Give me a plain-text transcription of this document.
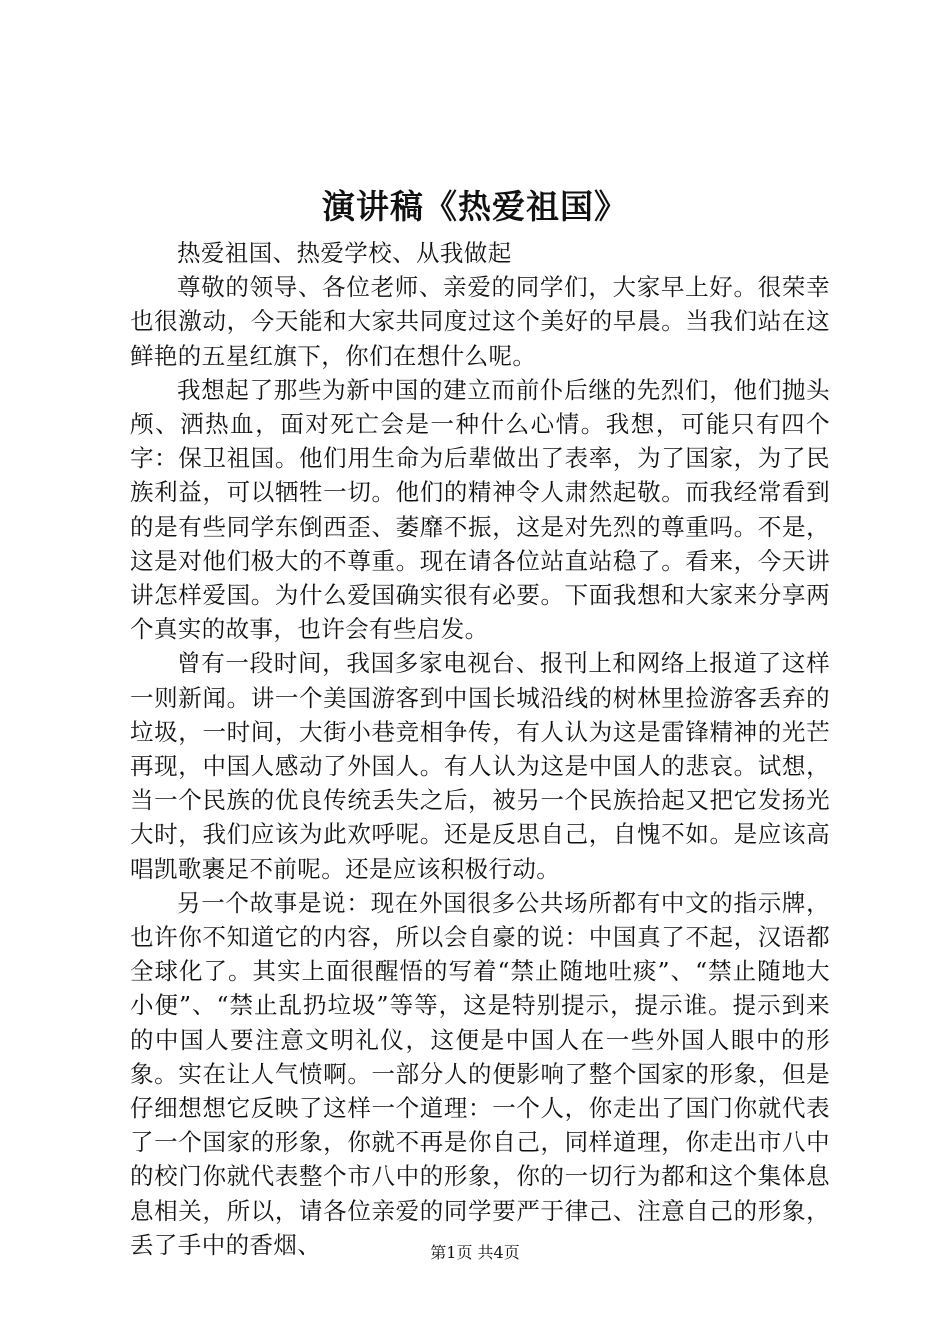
演讲稿《热爱祖国》

热爱祖国、热爱学校、从我做起

尊敬的领导、各位老师、亲爱的同学们，大家早上好。很荣幸也很激动，今天能和大家共同度过这个美好的早晨。当我们站在这鲜艳的五星红旗下，你们在想什么呢。

我想起了那些为新中国的建立而前仆后继的先烈们，他们抛头颅、洒热血，面对死亡会是一种什么心情。我想，可能只有四个字：保卫祖国。他们用生命为后辈做出了表率，为了国家，为了民族利益，可以牺牲一切。他们的精神令人肃然起敬。而我经常看到的是有些同学东倒西歪、萎靡不振，这是对先烈的尊重吗。不是，这是对他们极大的不尊重。现在请各位站直站稳了。看来，今天讲讲怎样爱国。为什么爱国确实很有必要。下面我想和大家来分享两个真实的故事，也许会有些启发。

曾有一段时间，我国多家电视台、报刊上和网络上报道了这样一则新闻。讲一个美国游客到中国长城沿线的树林里捡游客丢弃的垃圾，一时间，大街小巷竞相争传，有人认为这是雷锋精神的光芒再现，中国人感动了外国人。有人认为这是中国人的悲哀。试想，当一个民族的优良传统丢失之后，被另一个民族拾起又把它发扬光大时，我们应该为此欢呼呢。还是反思自己，自愧不如。是应该高唱凯歌裹足不前呢。还是应该积极行动。

另一个故事是说：现在外国很多公共场所都有中文的指示牌，也许你不知道它的内容，所以会自豪的说：中国真了不起，汉语都全球化了。其实上面很醒悟的写着“禁止随地吐痰”、“禁止随地大小便”、“禁止乱扔垃圾”等等，这是特别提示，提示谁。提示到来的中国人要注意文明礼仪，这便是中国人在一些外国人眼中的形象。实在让人气愤啊。一部分人的便影响了整个国家的形象，但是仔细想想它反映了这样一个道理：一个人，你走出了国门你就代表了一个国家的形象，你就不再是你自己，同样道理，你走出市八中的校门你就代表整个市八中的形象，你的一切行为都和这个集体息息相关，所以，请各位亲爱的同学要严于律己、注意自己的形象，丢了手中的香烟、	第1页 共4页
